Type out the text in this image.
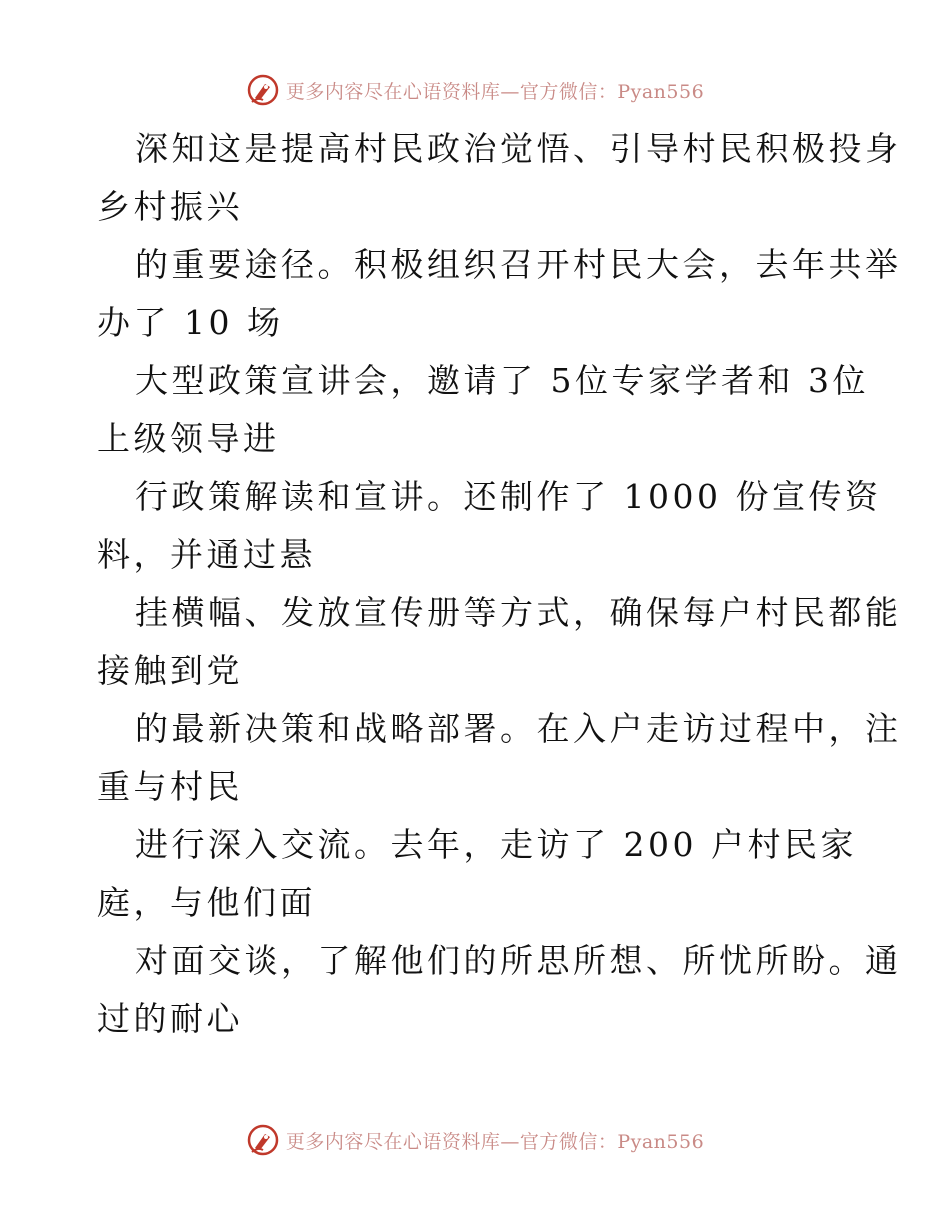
更多内容尽在心语资料库—官方微信：Pyan556
深知这是提高村民政治觉悟、引导村民积极投身
乡村振兴
的重要途径。积极组织召开村民大会，去年共举
办了 10 场
大型政策宣讲会，邀请了 5位专家学者和 3位
上级领导进
行政策解读和宣讲。还制作了 1000 份宣传资
料，并通过悬
挂横幅、发放宣传册等方式，确保每户村民都能
接触到党
的最新决策和战略部署。在入户走访过程中，注
重与村民
进行深入交流。去年，走访了 200 户村民家
庭，与他们面
对面交谈，了解他们的所思所想、所忧所盼。通
过的耐心
更多内容尽在心语资料库—官方微信：Pyan556
